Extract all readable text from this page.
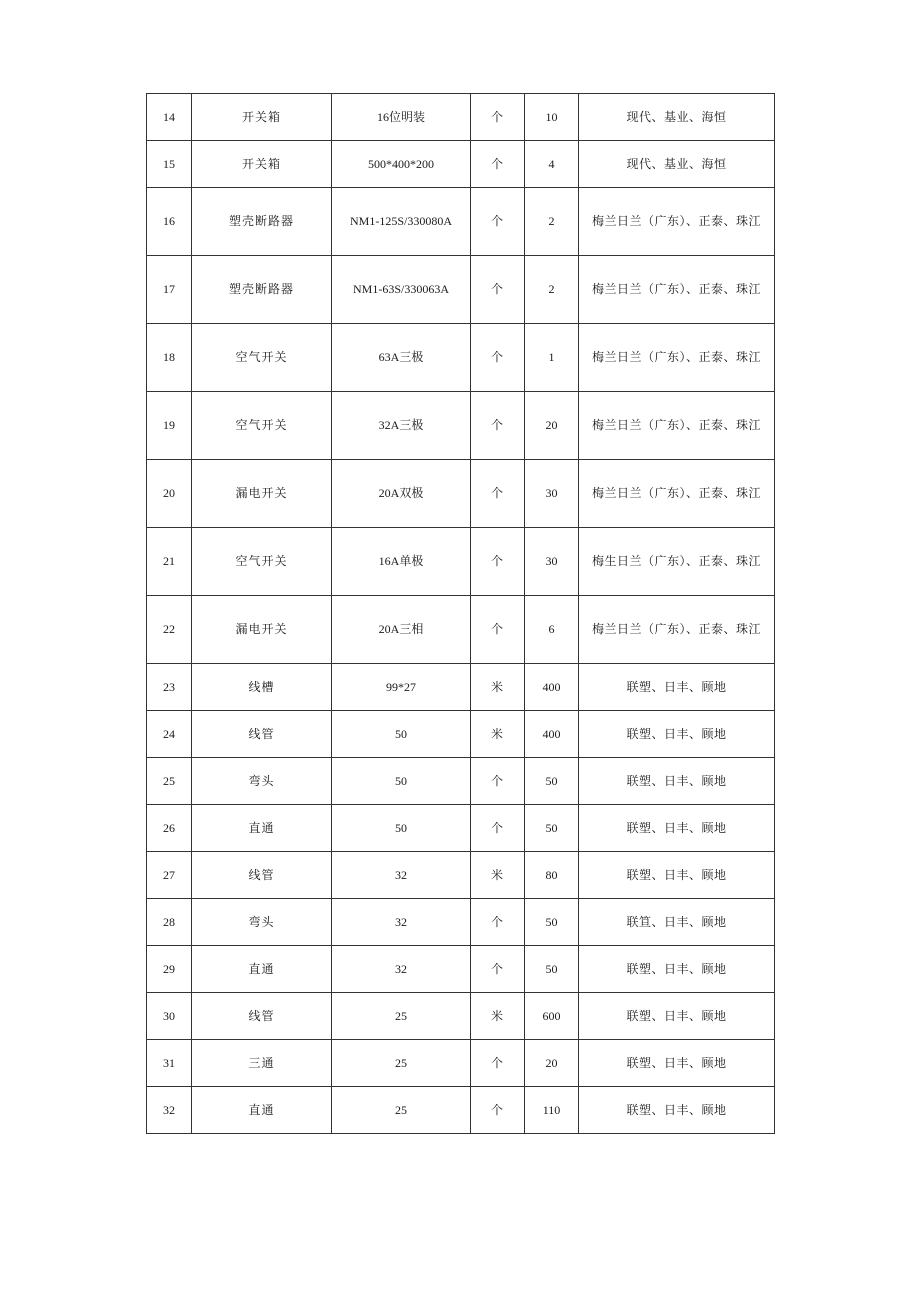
14	开关箱	16位明装	个	10	现代、基业、海恒
15	开关箱	500*400*200	个	4	现代、基业、海恒
16	塑壳断路器	NM1-125S/330080A	个	2	梅兰日兰（广东）、正泰、珠江
17	塑壳断路器	NM1-63S/330063A	个	2	梅兰日兰（广东）、正泰、珠江
18	空气开关	63A三极	个	1	梅兰日兰（广东）、正泰、珠江
19	空气开关	32A三极	个	20	梅兰日兰（广东）、正泰、珠江
20	漏电开关	20A双极	个	30	梅兰日兰（广东）、正泰、珠江
21	空气开关	16A单极	个	30	梅生日兰（广东）、正泰、珠江
22	漏电开关	20A三相	个	6	梅兰日兰（广东）、正泰、珠江
23	线槽	99*27	米	400	联塑、日丰、顾地
24	线管	50	米	400	联塑、日丰、顾地
25	弯头	50	个	50	联塑、日丰、顾地
26	直通	50	个	50	联塑、日丰、顾地
27	线管	32	米	80	联塑、日丰、顾地
28	弯头	32	个	50	联笪、日丰、顾地
29	直通	32	个	50	联塑、日丰、顾地
30	线管	25	米	600	联塑、日丰、顾地
31	三通	25	个	20	联塑、日丰、顾地
32	直通	25	个	110	联塑、日丰、顾地
